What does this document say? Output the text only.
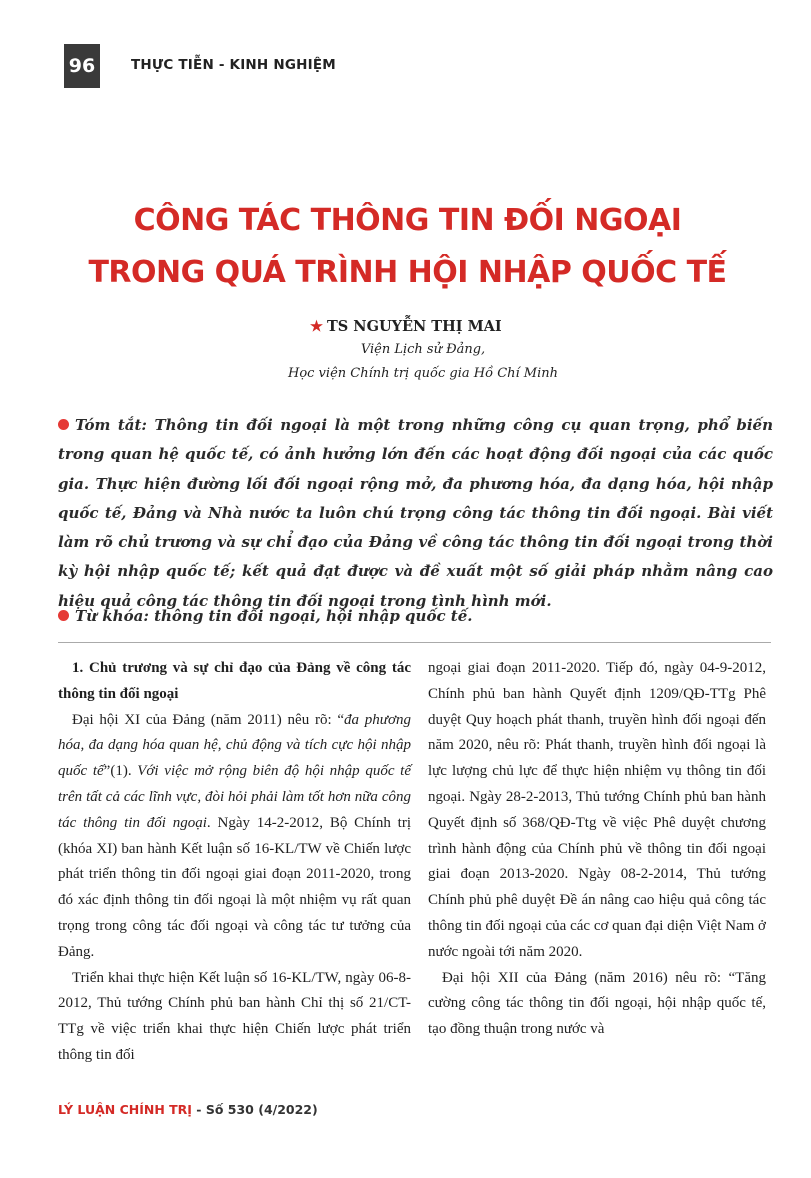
96	THỰC TIỄN - KINH NGHIỆM
CÔNG TÁC THÔNG TIN ĐỐI NGOẠI
TRONG QUÁ TRÌNH HỘI NHẬP QUỐC TẾ
★ TS NGUYỄN THỊ MAI
Viện Lịch sử Đảng,
Học viện Chính trị quốc gia Hồ Chí Minh

Tóm tắt: Thông tin đối ngoại là một trong những công cụ quan trọng, phổ biến trong quan hệ quốc tế, có ảnh hưởng lớn đến các hoạt động đối ngoại của các quốc gia. Thực hiện đường lối đối ngoại rộng mở, đa phương hóa, đa dạng hóa, hội nhập quốc tế, Đảng và Nhà nước ta luôn chú trọng công tác thông tin đối ngoại. Bài viết làm rõ chủ trương và sự chỉ đạo của Đảng về công tác thông tin đối ngoại trong thời kỳ hội nhập quốc tế; kết quả đạt được và đề xuất một số giải pháp nhằm nâng cao hiệu quả công tác thông tin đối ngoại trong tình hình mới.

Từ khóa: thông tin đối ngoại, hội nhập quốc tế.

1. Chủ trương và sự chỉ đạo của Đảng về công tác thông tin đối ngoại

Đại hội XI của Đảng (năm 2011) nêu rõ: “đa phương hóa, đa dạng hóa quan hệ, chủ động và tích cực hội nhập quốc tế”(1). Với việc mở rộng biên độ hội nhập quốc tế trên tất cả các lĩnh vực, đòi hỏi phải làm tốt hơn nữa công tác thông tin đối ngoại. Ngày 14-2-2012, Bộ Chính trị (khóa XI) ban hành Kết luận số 16-KL/TW về Chiến lược phát triển thông tin đối ngoại giai đoạn 2011-2020, trong đó xác định thông tin đối ngoại là một nhiệm vụ rất quan trọng trong công tác đối ngoại và công tác tư tưởng của Đảng.

Triển khai thực hiện Kết luận số 16-KL/TW, ngày 06-8-2012, Thủ tướng Chính phủ ban hành Chỉ thị số 21/CT-TTg về việc triển khai thực hiện Chiến lược phát triển thông tin đối

ngoại giai đoạn 2011-2020. Tiếp đó, ngày 04-9-2012, Chính phủ ban hành Quyết định 1209/QĐ-TTg Phê duyệt Quy hoạch phát thanh, truyền hình đối ngoại đến năm 2020, nêu rõ: Phát thanh, truyền hình đối ngoại là lực lượng chủ lực để thực hiện nhiệm vụ thông tin đối ngoại. Ngày 28-2-2013, Thủ tướng Chính phủ ban hành Quyết định số 368/QĐ-Ttg về việc Phê duyệt chương trình hành động của Chính phủ về thông tin đối ngoại giai đoạn 2013-2020. Ngày 08-2-2014, Thủ tướng Chính phủ phê duyệt Đề án nâng cao hiệu quả công tác thông tin đối ngoại của các cơ quan đại diện Việt Nam ở nước ngoài tới năm 2020.

Đại hội XII của Đảng (năm 2016) nêu rõ: “Tăng cường công tác thông tin đối ngoại, hội nhập quốc tế, tạo đồng thuận trong nước và

LÝ LUẬN CHÍNH TRỊ - Số 530 (4/2022)
